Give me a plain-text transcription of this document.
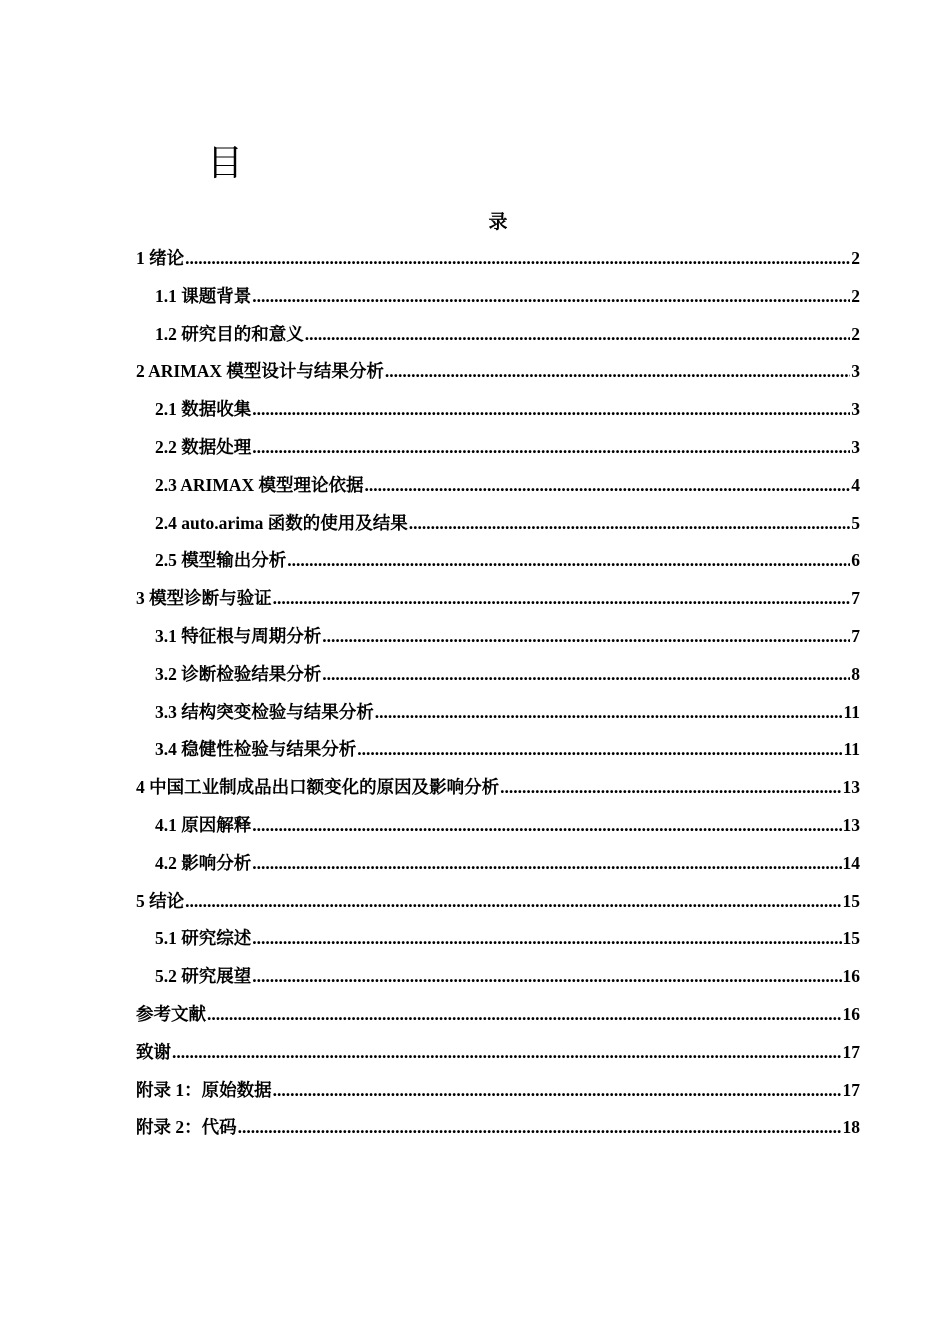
目
录
1 绪论 .....	2
1.1 课题背景 .....	2
1.2 研究目的和意义 .....	2
2 ARIMAX 模型设计与结果分析 .....	3
2.1 数据收集 .....	3
2.2 数据处理 .....	3
2.3 ARIMAX 模型理论依据 .....	4
2.4 auto.arima 函数的使用及结果 .....	5
2.5 模型输出分析 .....	6
3 模型诊断与验证 .....	7
3.1 特征根与周期分析 .....	7
3.2 诊断检验结果分析 .....	8
3.3 结构突变检验与结果分析 .....	11
3.4 稳健性检验与结果分析 .....	11
4 中国工业制成品出口额变化的原因及影响分析 .....	13
4.1 原因解释 .....	13
4.2 影响分析 .....	14
5 结论 .....	15
5.1 研究综述 .....	15
5.2 研究展望 .....	16
参考文献 .....	16
致谢 .....	17
附录 1：原始数据 .....	17
附录 2：代码 .....	18
